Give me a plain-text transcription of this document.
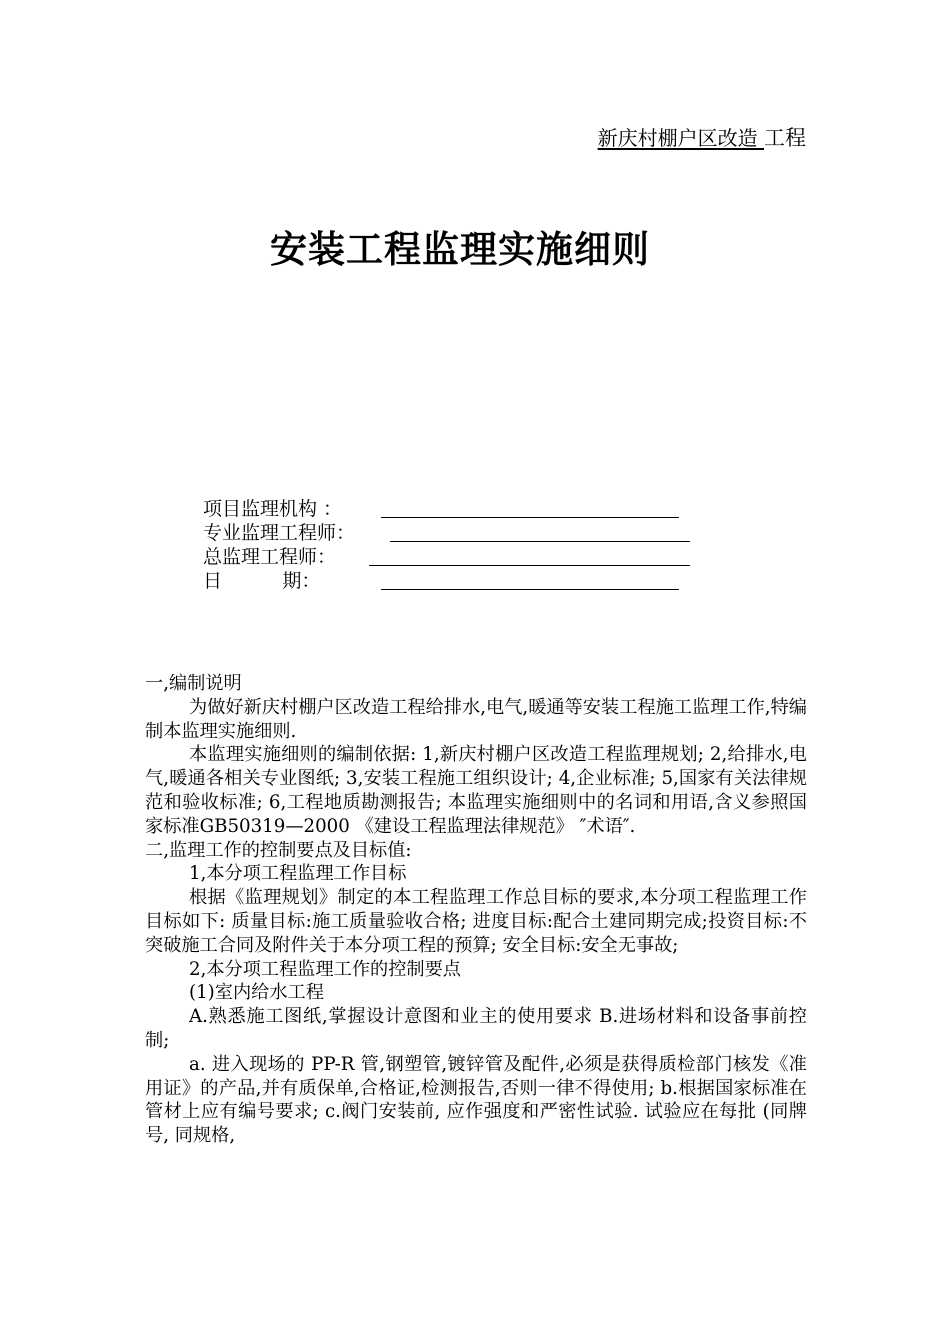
新庆村棚户区改造 工程
安装工程监理实施细则
项目监理机构 ：
专业监理工程师：
总监理工程师：
日          期：

一,编制说明

为做好新庆村棚户区改造工程给排水,电气,暖通等安装工程施工监理工作,特编制本监理实施细则.

本监理实施细则的编制依据: 1,新庆村棚户区改造工程监理规划; 2,给排水,电气,暖通各相关专业图纸; 3,安装工程施工组织设计; 4,企业标准; 5,国家有关法律规范和验收标准; 6,工程地质勘测报告; 本监理实施细则中的名词和用语,含义参照国家标准GB50319—2000 《建设工程监理法律规范》 ″术语″.

二,监理工作的控制要点及目标值:

1,本分项工程监理工作目标

根据《监理规划》制定的本工程监理工作总目标的要求,本分项工程监理工作目标如下: 质量目标:施工质量验收合格; 进度目标:配合土建同期完成;投资目标:不突破施工合同及附件关于本分项工程的预算; 安全目标:安全无事故;

2,本分项工程监理工作的控制要点

(1)室内给水工程

A.熟悉施工图纸,掌握设计意图和业主的使用要求 B.进场材料和设备事前控制;

a. 进入现场的 PP-R 管,钢塑管,镀锌管及配件,必须是获得质检部门核发《准用证》的产品,并有质保单,合格证,检测报告,否则一律不得使用; b.根据国家标准在管材上应有编号要求; c.阀门安装前, 应作强度和严密性试验. 试验应在每批 (同牌号, 同规格,
